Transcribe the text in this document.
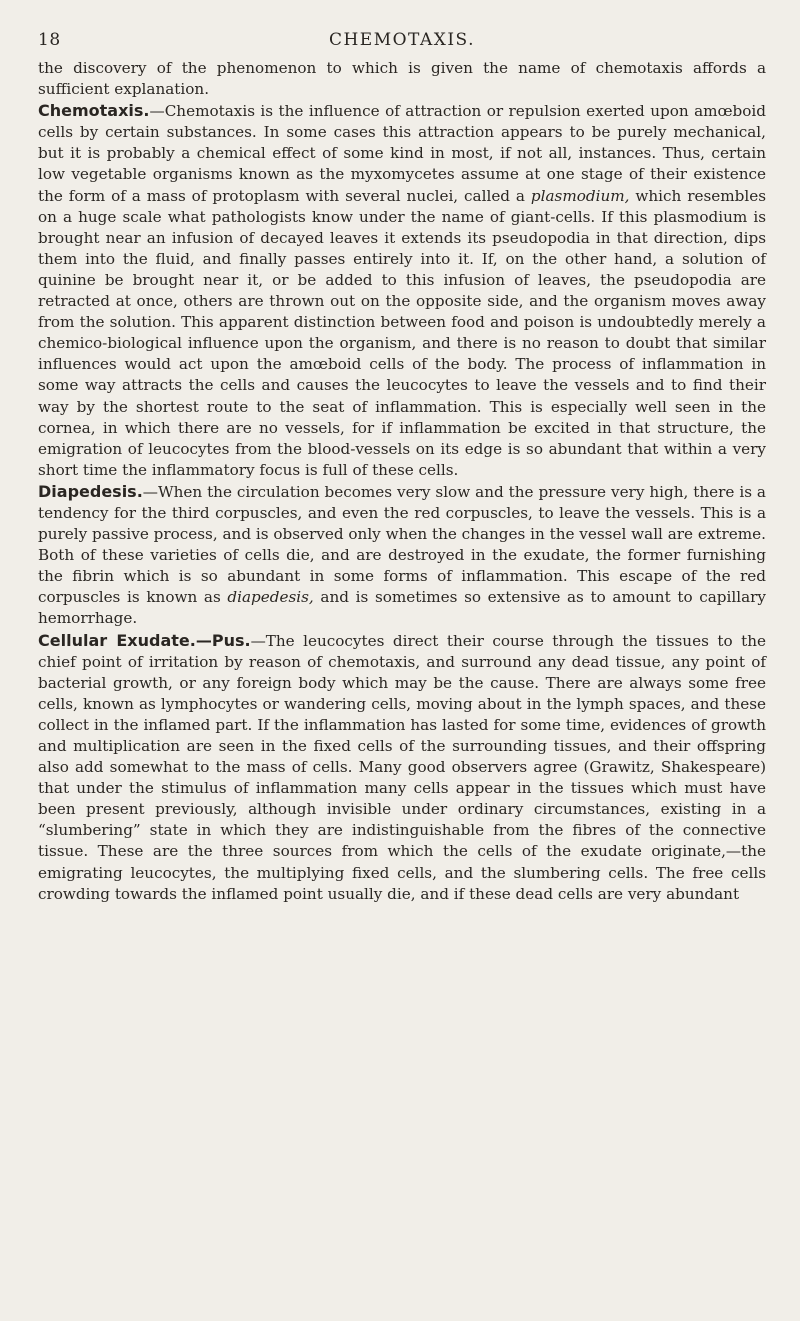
18	CHEMOTAXIS.

the discovery of the phenomenon to which is given the name of chemotaxis affords a sufficient explanation.

Chemotaxis.—Chemotaxis is the influence of attraction or repulsion exerted upon amœboid cells by certain substances. In some cases this attraction appears to be purely mechanical, but it is probably a chemical effect of some kind in most, if not all, instances. Thus, certain low vegetable organisms known as the myxomycetes assume at one stage of their existence the form of a mass of protoplasm with several nuclei, called a plasmodium, which resembles on a huge scale what pathologists know under the name of giant-cells. If this plasmodium is brought near an infusion of decayed leaves it extends its pseudopodia in that direction, dips them into the fluid, and finally passes entirely into it. If, on the other hand, a solution of quinine be brought near it, or be added to this infusion of leaves, the pseudopodia are retracted at once, others are thrown out on the opposite side, and the organism moves away from the solution. This apparent distinction between food and poison is undoubtedly merely a chemico-biological influence upon the organism, and there is no reason to doubt that similar influences would act upon the amœboid cells of the body. The process of inflammation in some way attracts the cells and causes the leucocytes to leave the vessels and to find their way by the shortest route to the seat of inflammation. This is especially well seen in the cornea, in which there are no vessels, for if inflammation be excited in that structure, the emigration of leucocytes from the blood-vessels on its edge is so abundant that within a very short time the inflammatory focus is full of these cells.

Diapedesis.—When the circulation becomes very slow and the pressure very high, there is a tendency for the third corpuscles, and even the red corpuscles, to leave the vessels. This is a purely passive process, and is observed only when the changes in the vessel wall are extreme. Both of these varieties of cells die, and are destroyed in the exudate, the former furnishing the fibrin which is so abundant in some forms of inflammation. This escape of the red corpuscles is known as diapedesis, and is sometimes so extensive as to amount to capillary hemorrhage.

Cellular Exudate.—Pus.—The leucocytes direct their course through the tissues to the chief point of irritation by reason of chemotaxis, and surround any dead tissue, any point of bacterial growth, or any foreign body which may be the cause. There are always some free cells, known as lymphocytes or wandering cells, moving about in the lymph spaces, and these collect in the inflamed part. If the inflammation has lasted for some time, evidences of growth and multiplication are seen in the fixed cells of the surrounding tissues, and their offspring also add somewhat to the mass of cells. Many good observers agree (Grawitz, Shakespeare) that under the stimulus of inflammation many cells appear in the tissues which must have been present previously, although invisible under ordinary circumstances, existing in a “slumbering” state in which they are indistinguishable from the fibres of the connective tissue. These are the three sources from which the cells of the exudate originate,—the emigrating leucocytes, the multiplying fixed cells, and the slumbering cells. The free cells crowding towards the inflamed point usually die, and if these dead cells are very abundant
